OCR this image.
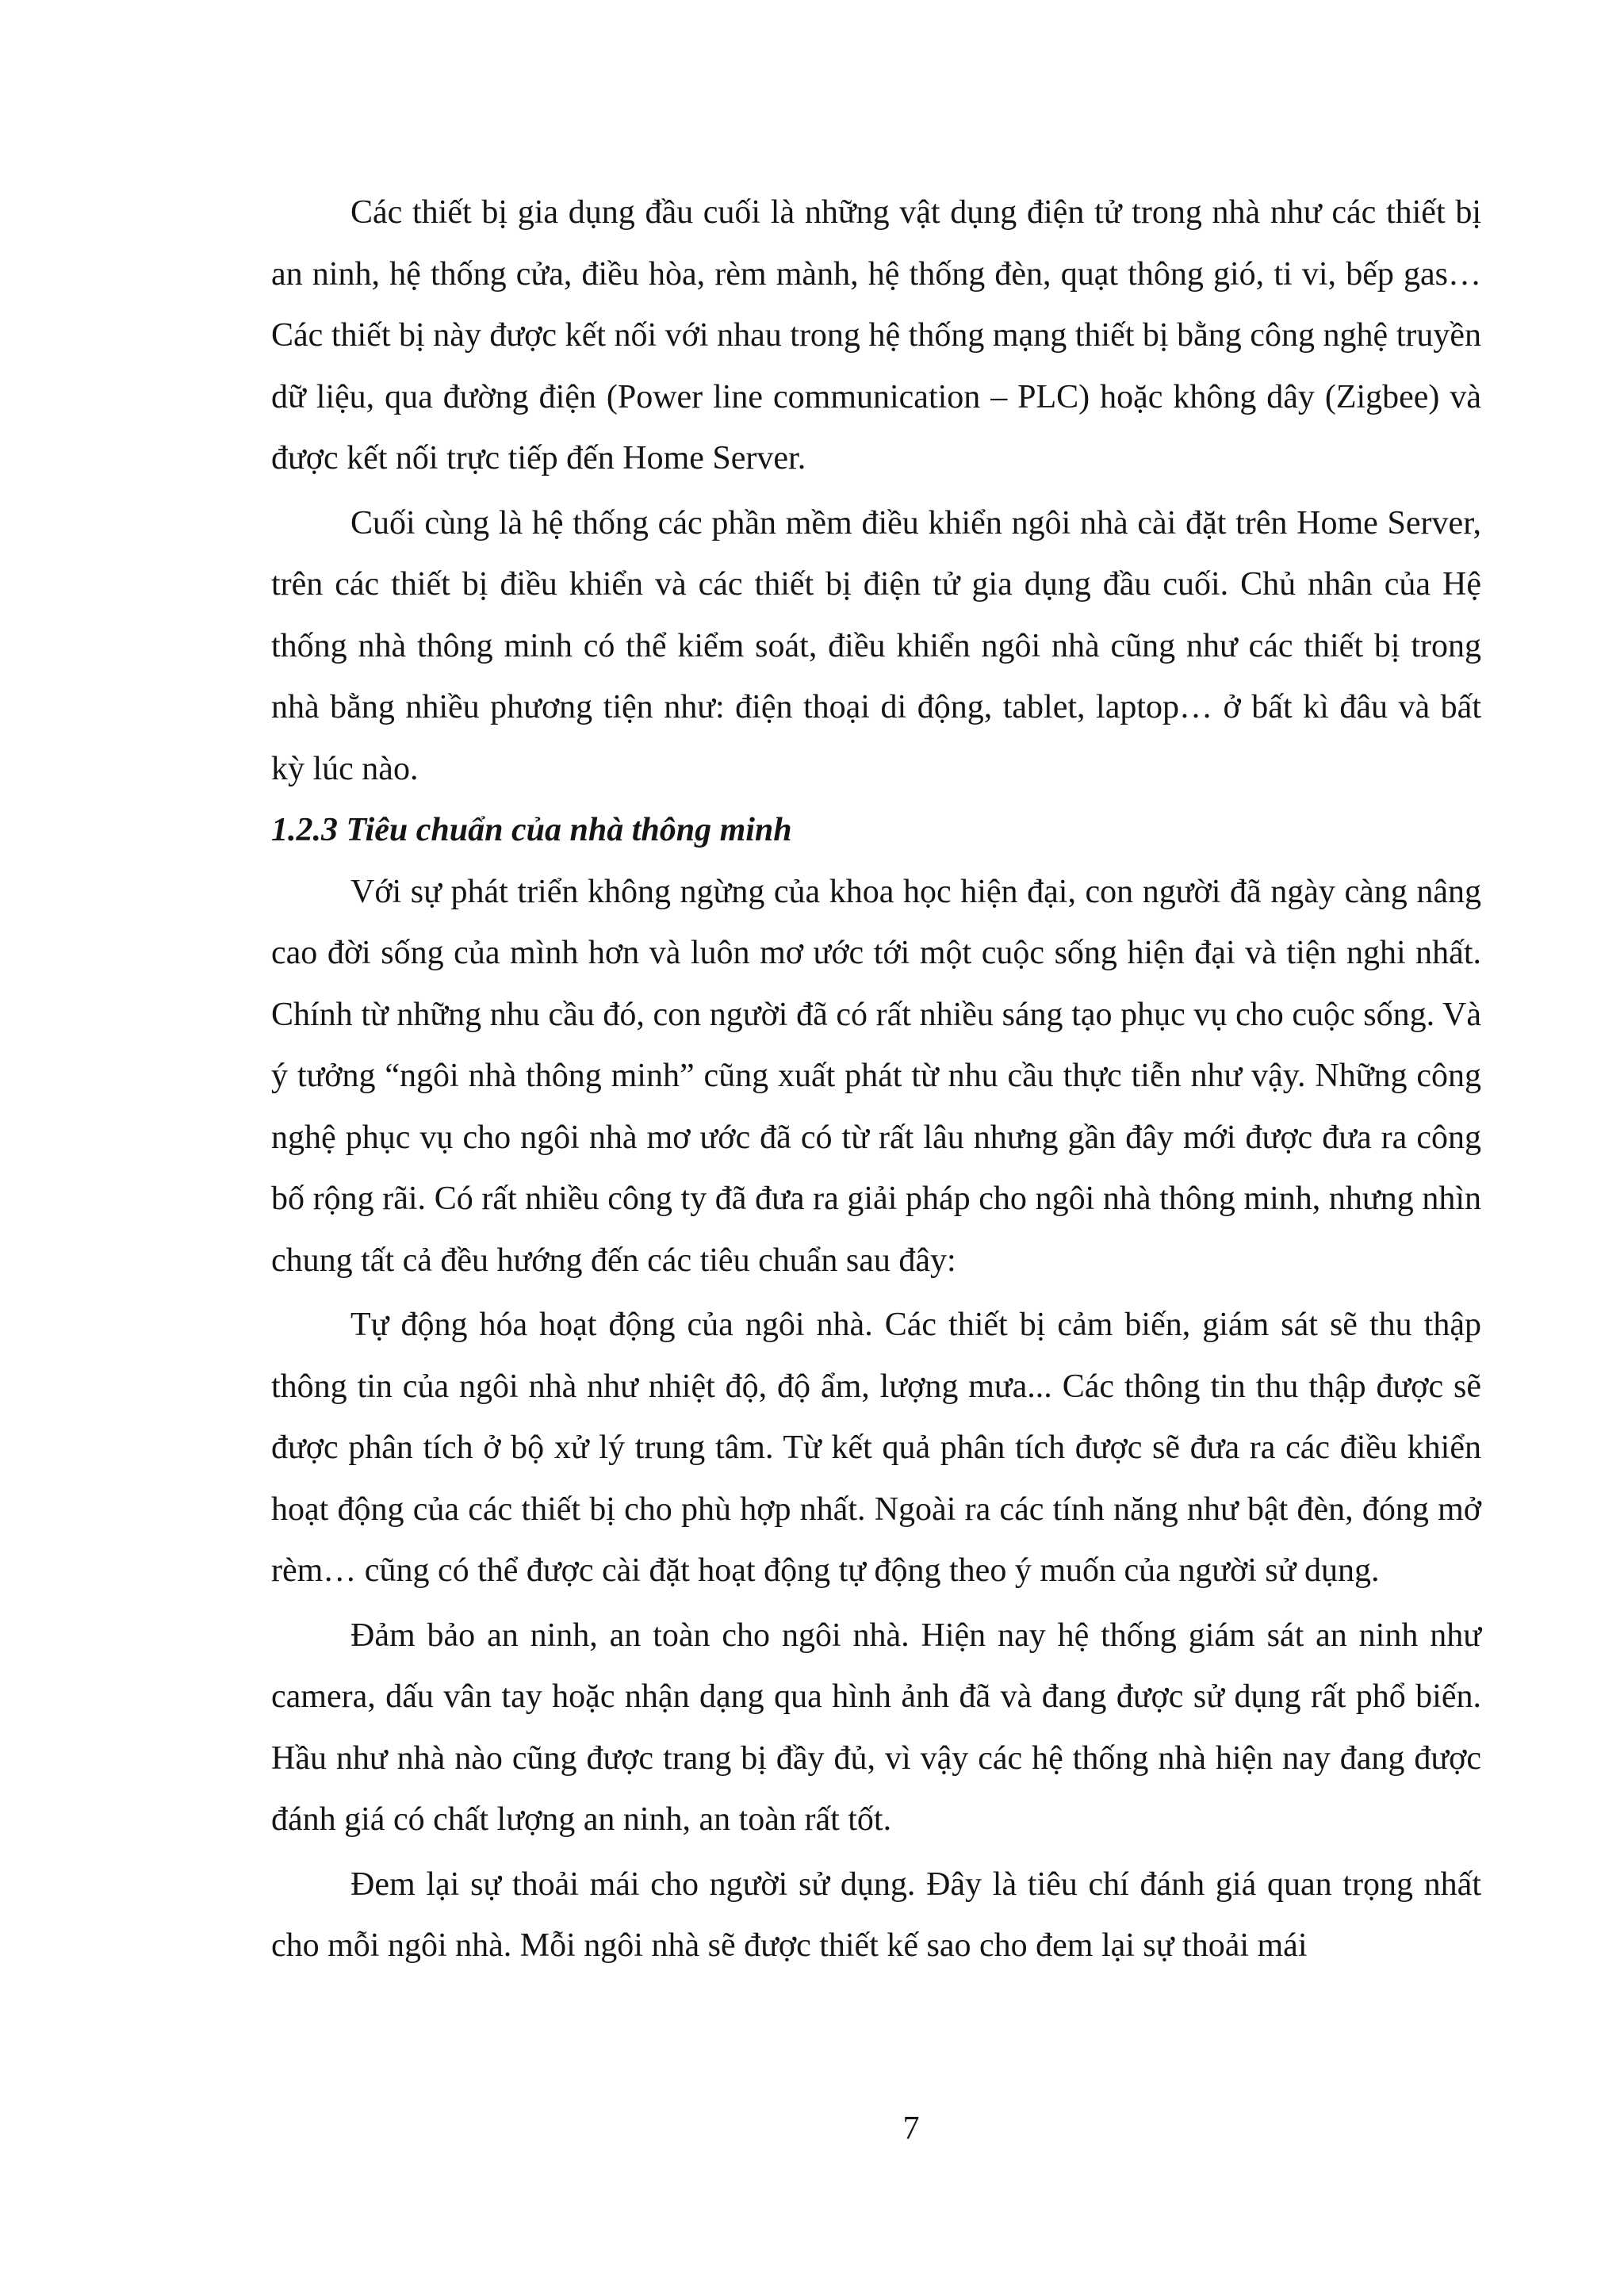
Các thiết bị gia dụng đầu cuối là những vật dụng điện tử trong nhà như các thiết bị an ninh, hệ thống cửa, điều hòa, rèm mành, hệ thống đèn, quạt thông gió, ti vi, bếp gas… Các thiết bị này được kết nối với nhau trong hệ thống mạng thiết bị bằng công nghệ truyền dữ liệu, qua đường điện (Power line communication – PLC) hoặc không dây (Zigbee) và được kết nối trực tiếp đến Home Server.

Cuối cùng là hệ thống các phần mềm điều khiển ngôi nhà cài đặt trên Home Server, trên các thiết bị điều khiển và các thiết bị điện tử gia dụng đầu cuối. Chủ nhân của Hệ thống nhà thông minh có thể kiểm soát, điều khiển ngôi nhà cũng như các thiết bị trong nhà bằng nhiều phương tiện như: điện thoại di động, tablet, laptop… ở bất kì đâu và bất kỳ lúc nào.

1.2.3 Tiêu chuẩn của nhà thông minh

Với sự phát triển không ngừng của khoa học hiện đại, con người đã ngày càng nâng cao đời sống của mình hơn và luôn mơ ước tới một cuộc sống hiện đại và tiện nghi nhất. Chính từ những nhu cầu đó, con người đã có rất nhiều sáng tạo phục vụ cho cuộc sống. Và ý tưởng “ngôi nhà thông minh” cũng xuất phát từ nhu cầu thực tiễn như vậy. Những công nghệ phục vụ cho ngôi nhà mơ ước đã có từ rất lâu nhưng gần đây mới được đưa ra công bố rộng rãi. Có rất nhiều công ty đã đưa ra giải pháp cho ngôi nhà thông minh, nhưng nhìn chung tất cả đều hướng đến các tiêu chuẩn sau đây:

Tự động hóa hoạt động của ngôi nhà. Các thiết bị cảm biến, giám sát sẽ thu thập thông tin của ngôi nhà như nhiệt độ, độ ẩm, lượng mưa... Các thông tin thu thập được sẽ được phân tích ở bộ xử lý trung tâm. Từ kết quả phân tích được sẽ đưa ra các điều khiển hoạt động của các thiết bị cho phù hợp nhất. Ngoài ra các tính năng như bật đèn, đóng mở rèm… cũng có thể được cài đặt hoạt động tự động theo ý muốn của người sử dụng.

Đảm bảo an ninh, an toàn cho ngôi nhà. Hiện nay hệ thống giám sát an ninh như camera, dấu vân tay hoặc nhận dạng qua hình ảnh đã và đang được sử dụng rất phổ biến. Hầu như nhà nào cũng được trang bị đầy đủ, vì vậy các hệ thống nhà hiện nay đang được đánh giá có chất lượng an ninh, an toàn rất tốt.

Đem lại sự thoải mái cho người sử dụng. Đây là tiêu chí đánh giá quan trọng nhất cho mỗi ngôi nhà. Mỗi ngôi nhà sẽ được thiết kế sao cho đem lại sự thoải mái

7
